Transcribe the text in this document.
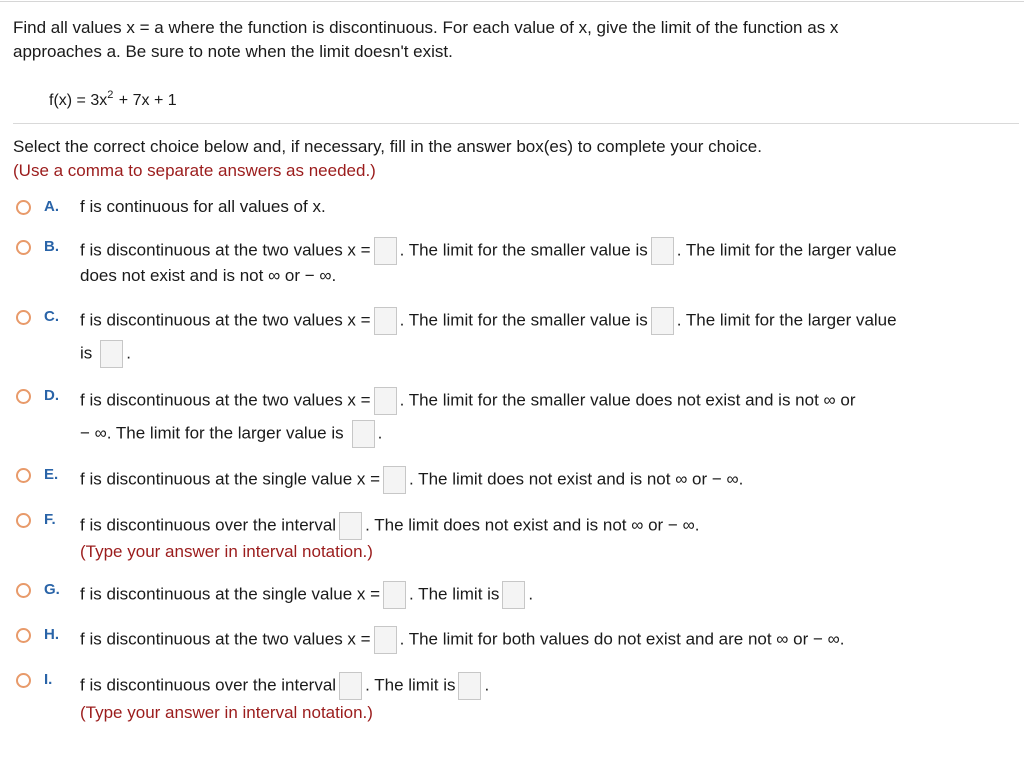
Find all values x = a where the function is discontinuous. For each value of x, give the limit of the function as x
approaches a. Be sure to note when the limit doesn't exist.
$f(x) = 3x^2 + 7x + 1$
Select the correct choice below and, if necessary, fill in the answer box(es) to complete your choice.
(Use a comma to separate answers as needed.)
A. f is continuous for all values of x.
B. f is discontinuous at the two values x = . The limit for the smaller value is . The limit for the larger value
does not exist and is not ∞ or − ∞.
C. f is discontinuous at the two values x = . The limit for the smaller value is . The limit for the larger value
is .
D. f is discontinuous at the two values x = . The limit for the smaller value does not exist and is not ∞ or
− ∞. The limit for the larger value is .
E. f is discontinuous at the single value x = . The limit does not exist and is not ∞ or − ∞.
F. f is discontinuous over the interval . The limit does not exist and is not ∞ or − ∞.
(Type your answer in interval notation.)
G. f is discontinuous at the single value x = . The limit is .
H. f is discontinuous at the two values x = . The limit for both values do not exist and are not ∞ or − ∞.
I. f is discontinuous over the interval . The limit is .
(Type your answer in interval notation.)
